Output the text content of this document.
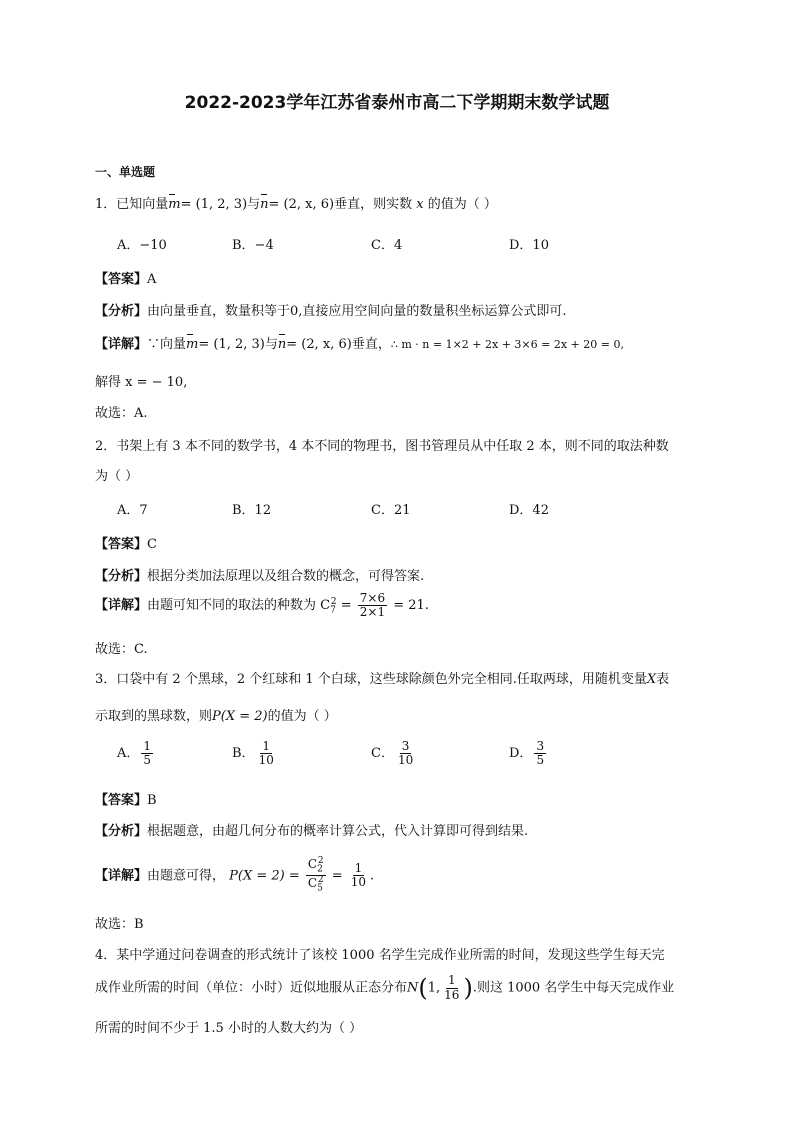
2022-2023学年江苏省泰州市高二下学期期末数学试题
一、单选题
1．已知向量m= (1, 2, 3)与n= (2, x, 6)垂直，则实数 x 的值为（ ）
A．−10	B．−4	C．4	D．10
【答案】A
【分析】由向量垂直，数量积等于0,直接应用空间向量的数量积坐标运算公式即可.
【详解】∵向量m= (1, 2, 3)与n= (2, x, 6)垂直，∴ m · n = 1×2 + 2x + 3×6 = 2x + 20 = 0,
解得 x = − 10,
故选：A.
2．书架上有 3 本不同的数学书，4 本不同的物理书，图书管理员从中任取 2 本，则不同的取法种数
为（ ）
A．7	B．12	C．21	D．42
【答案】C
【分析】根据分类加法原理以及组合数的概念，可得答案.
【详解】由题可知不同的取法的种数为 $C_7^2 = \frac{7\times 6}{2\times 1} = 21$.
故选：C.
3．口袋中有 2 个黑球，2 个红球和 1 个白球，这些球除颜色外完全相同.任取两球，用随机变量X表
示取到的黑球数，则P(X = 2)的值为（ ）
A． $\frac{1}{5}$	B． $\frac{1}{10}$	C． $\frac{3}{10}$	D． $\frac{3}{5}$
【答案】B
【分析】根据题意，由超几何分布的概率计算公式，代入计算即可得到结果.
【详解】由题意可得， $P(X = 2) = \frac{C_2^2}{C_5^2} = \frac{1}{10}$ .
故选：B
4．某中学通过问卷调查的形式统计了该校 1000 名学生完成作业所需的时间，发现这些学生每天完
成作业所需的时间（单位：小时）近似地服从正态分布N(1, $\frac{1}{16}$ ).则这 1000 名学生中每天完成作业
所需的时间不少于 1.5 小时的人数大约为（ ）
